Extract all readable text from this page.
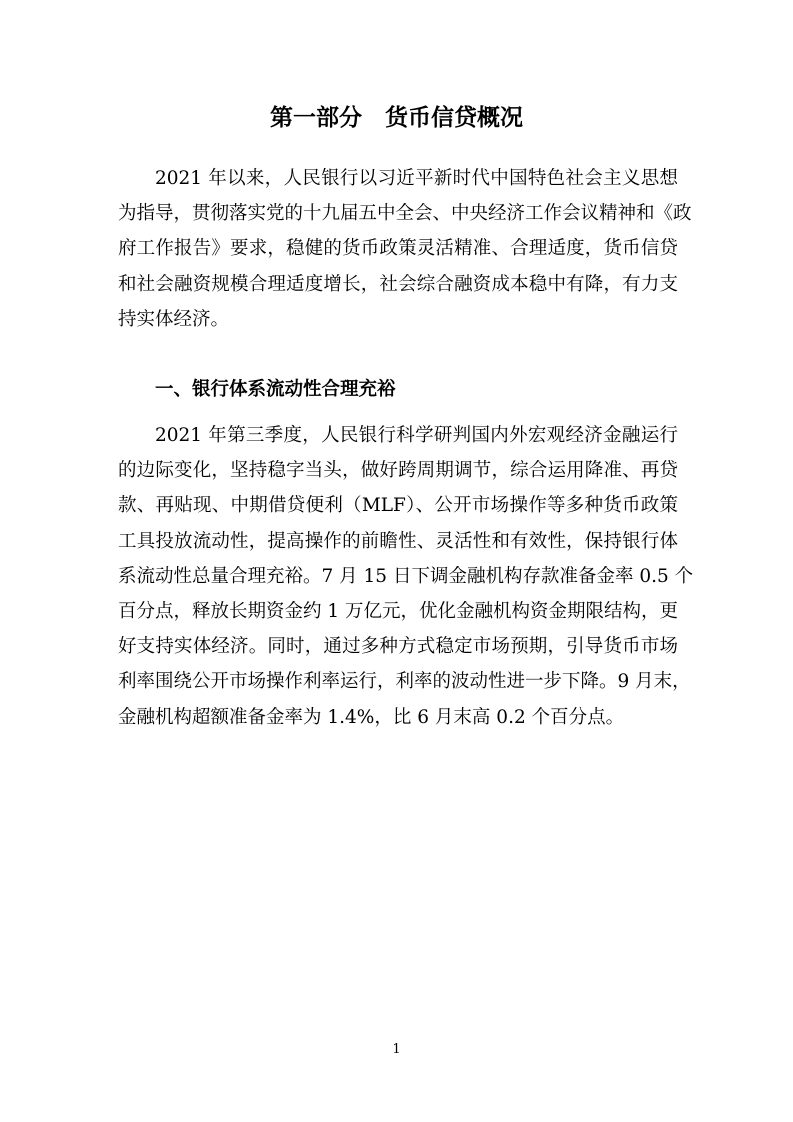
第一部分　货币信贷概况

2021 年以来，人民银行以习近平新时代中国特色社会主义思想
为指导，贯彻落实党的十九届五中全会、中央经济工作会议精神和《政
府工作报告》要求，稳健的货币政策灵活精准、合理适度，货币信贷
和社会融资规模合理适度增长，社会综合融资成本稳中有降，有力支
持实体经济。

一、银行体系流动性合理充裕

2021 年第三季度，人民银行科学研判国内外宏观经济金融运行
的边际变化，坚持稳字当头，做好跨周期调节，综合运用降准、再贷
款、再贴现、中期借贷便利（MLF）、公开市场操作等多种货币政策
工具投放流动性，提高操作的前瞻性、灵活性和有效性，保持银行体
系流动性总量合理充裕。7 月 15 日下调金融机构存款准备金率 0.5 个
百分点，释放长期资金约 1 万亿元，优化金融机构资金期限结构，更
好支持实体经济。同时，通过多种方式稳定市场预期，引导货币市场
利率围绕公开市场操作利率运行，利率的波动性进一步下降。9 月末，
金融机构超额准备金率为 1.4%，比 6 月末高 0.2 个百分点。

1
